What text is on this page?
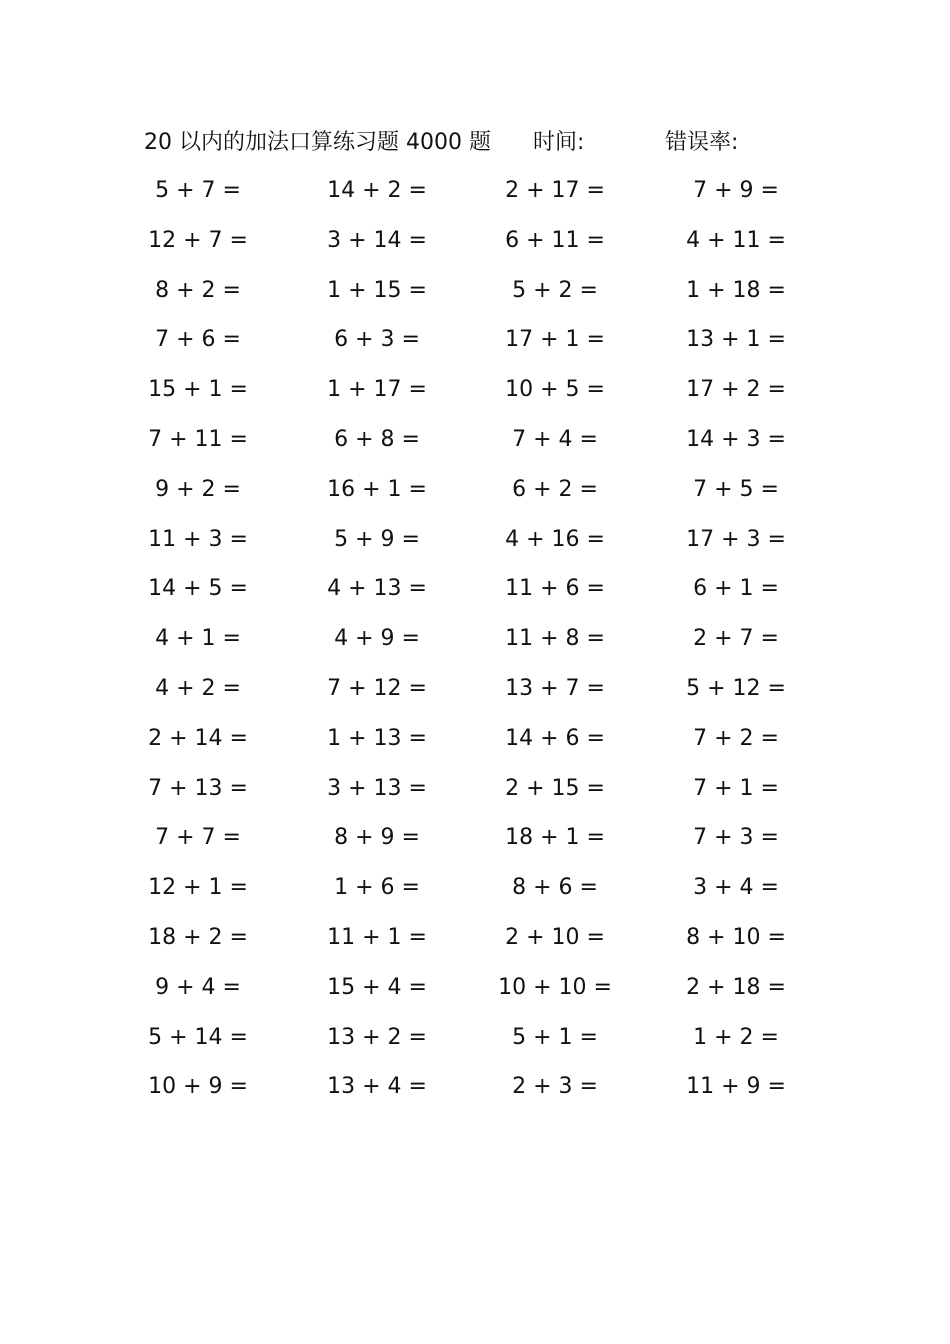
20 以内的加法口算练习题 4000 题 时间:	错误率:
5 + 7 =	14 + 2 =	2 + 17 =	7 + 9 =
12 + 7 =	3 + 14 =	6 + 11 =	4 + 11 =
8 + 2 =	1 + 15 =	5 + 2 =	1 + 18 =
7 + 6 =	6 + 3 =	17 + 1 =	13 + 1 =
15 + 1 =	1 + 17 =	10 + 5 =	17 + 2 =
7 + 11 =	6 + 8 =	7 + 4 =	14 + 3 =
9 + 2 =	16 + 1 =	6 + 2 =	7 + 5 =
11 + 3 =	5 + 9 =	4 + 16 =	17 + 3 =
14 + 5 =	4 + 13 =	11 + 6 =	6 + 1 =
4 + 1 =	4 + 9 =	11 + 8 =	2 + 7 =
4 + 2 =	7 + 12 =	13 + 7 =	5 + 12 =
2 + 14 =	1 + 13 =	14 + 6 =	7 + 2 =
7 + 13 =	3 + 13 =	2 + 15 =	7 + 1 =
7 + 7 =	8 + 9 =	18 + 1 =	7 + 3 =
12 + 1 =	1 + 6 =	8 + 6 =	3 + 4 =
18 + 2 =	11 + 1 =	2 + 10 =	8 + 10 =
9 + 4 =	15 + 4 =	10 + 10 =	2 + 18 =
5 + 14 =	13 + 2 =	5 + 1 =	1 + 2 =
10 + 9 =	13 + 4 =	2 + 3 =	11 + 9 =
